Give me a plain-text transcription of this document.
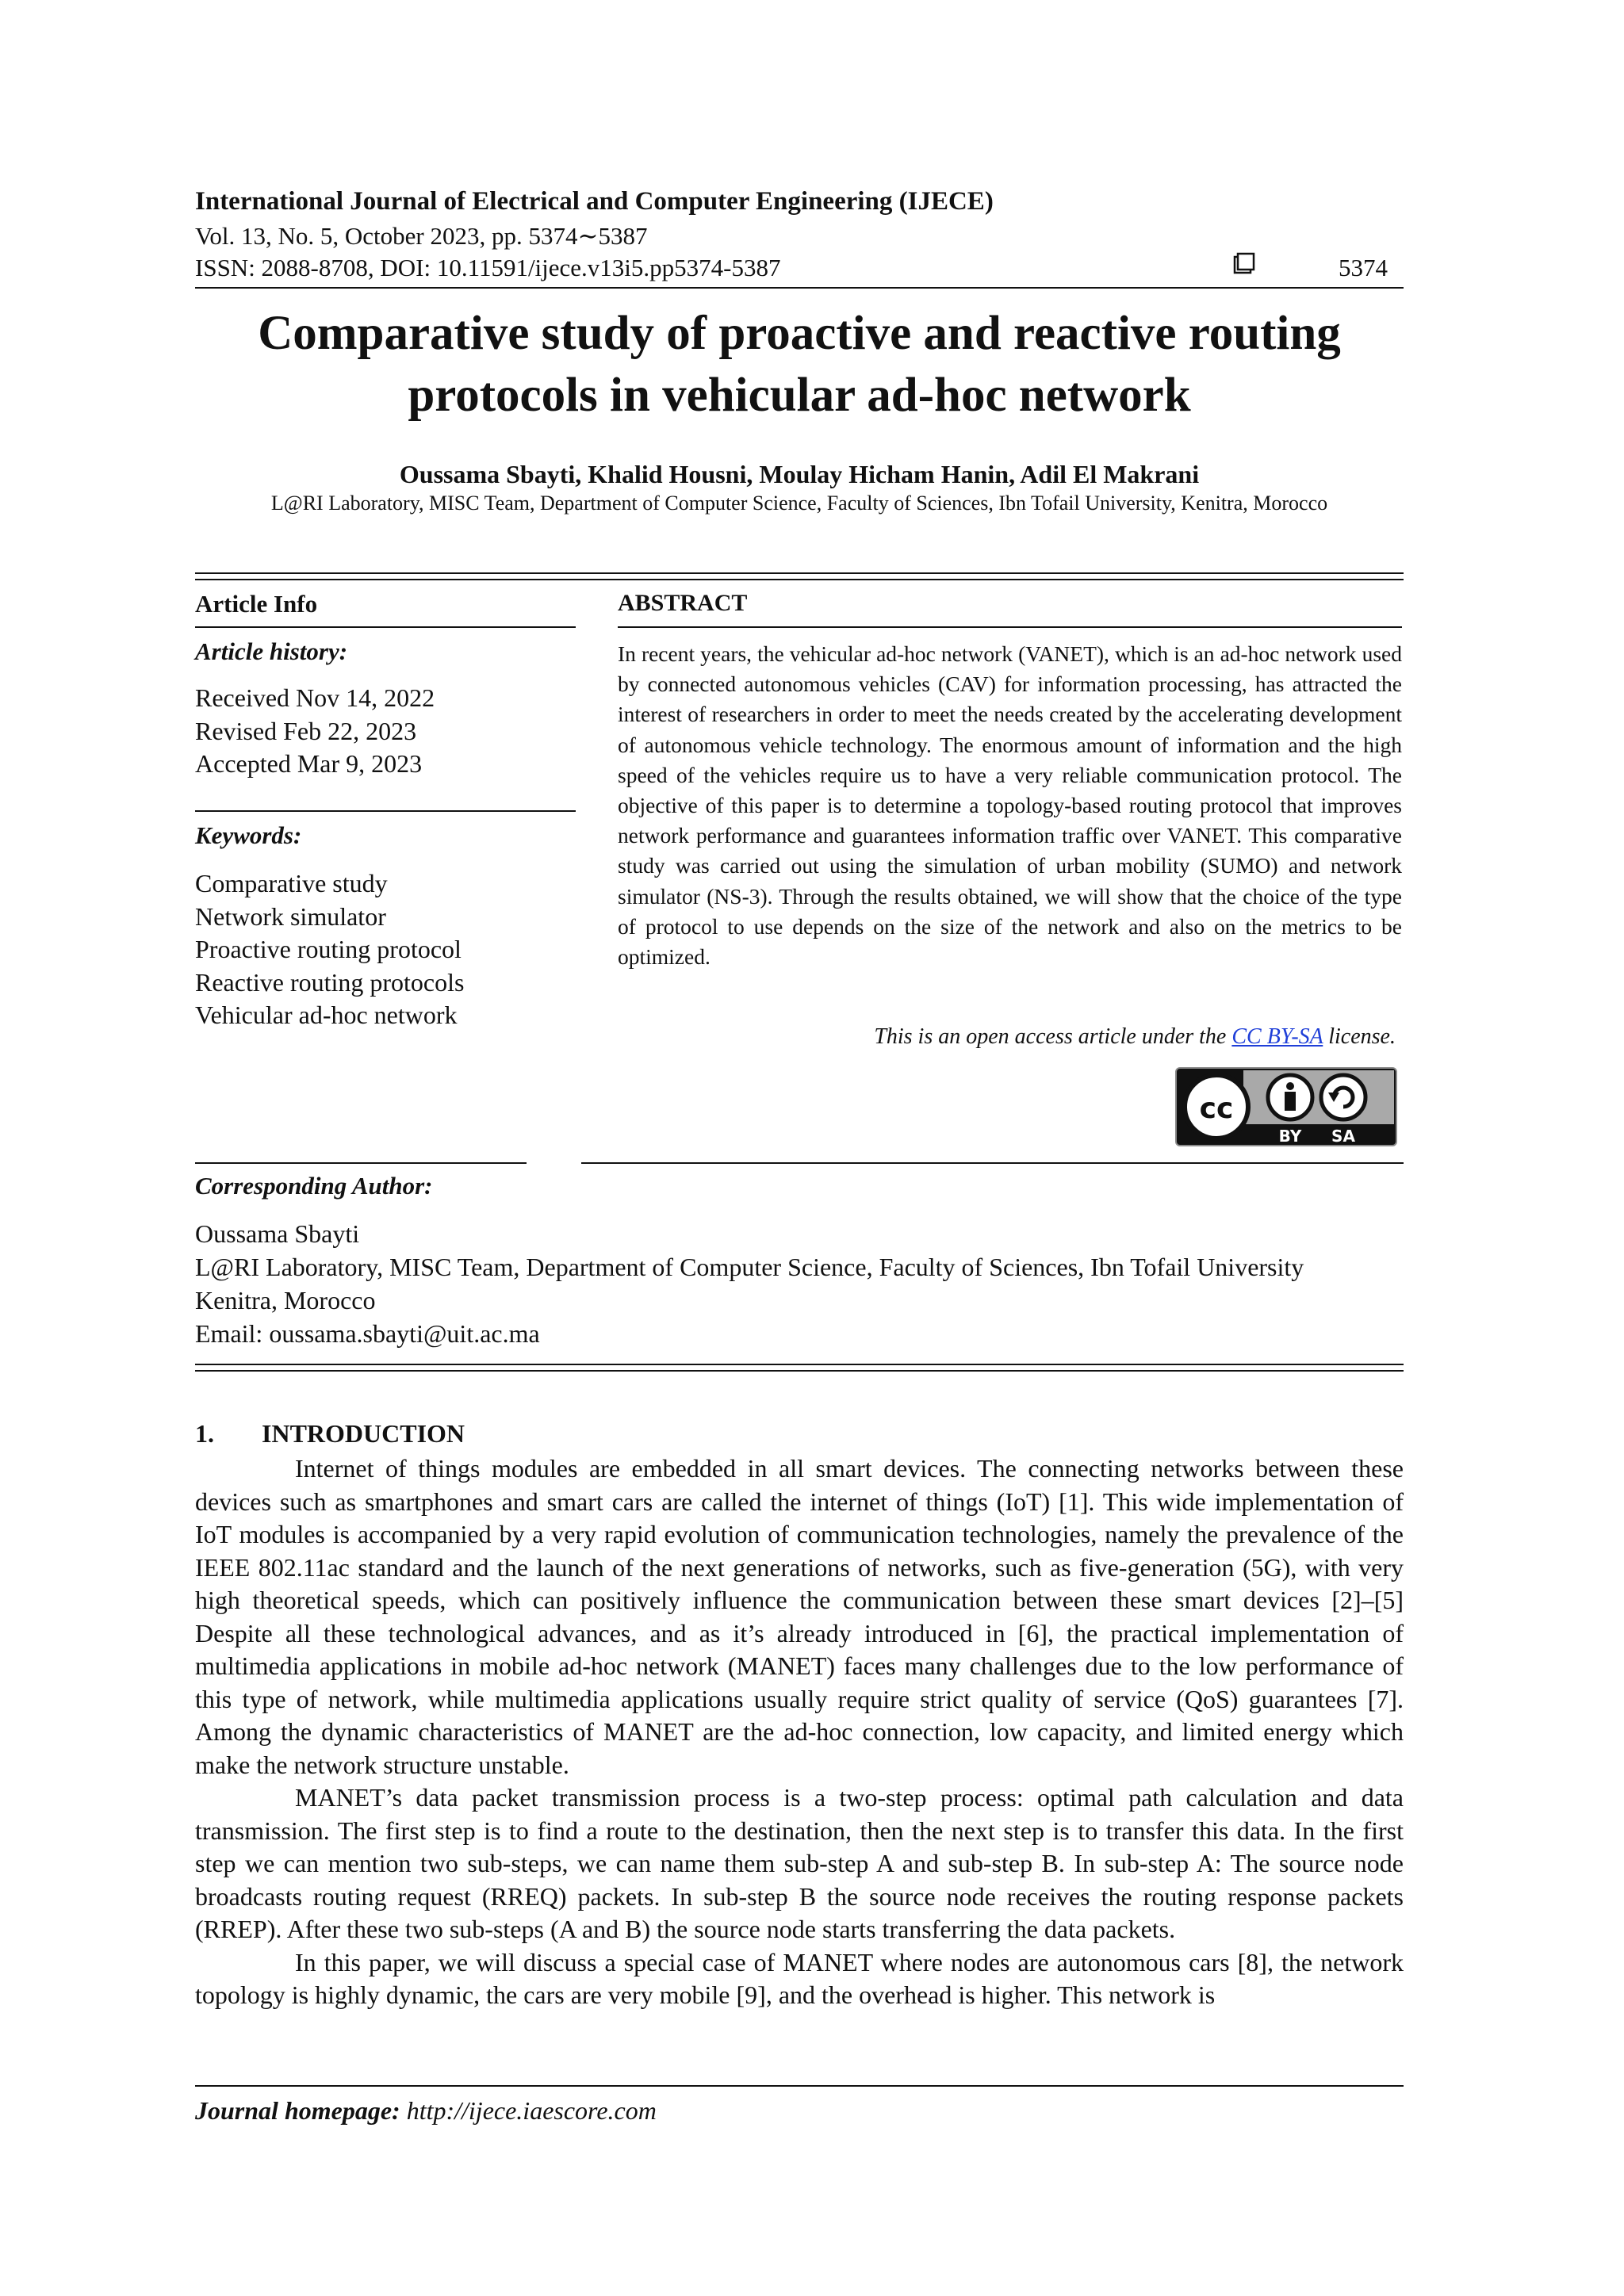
International Journal of Electrical and Computer Engineering (IJECE)
Vol. 13, No. 5, October 2023, pp. 5374∼5387
ISSN: 2088-8708, DOI: 10.11591/ijece.v13i5.pp5374-5387	5374
Comparative study of proactive and reactive routing
protocols in vehicular ad-hoc network
Oussama Sbayti, Khalid Housni, Moulay Hicham Hanin, Adil El Makrani
L@RI Laboratory, MISC Team, Department of Computer Science, Faculty of Sciences, Ibn Tofail University, Kenitra, Morocco
Article Info
Article history:
Received Nov 14, 2022
Revised Feb 22, 2023
Accepted Mar 9, 2023
Keywords:
Comparative study
Network simulator
Proactive routing protocol
Reactive routing protocols
Vehicular ad-hoc network
ABSTRACT
In recent years, the vehicular ad-hoc network (VANET), which is an ad-hoc network used by connected autonomous vehicles (CAV) for information processing, has attracted the interest of researchers in order to meet the needs created by the accelerating development of autonomous vehicle technology. The enormous amount of information and the high speed of the vehicles require us to have a very reliable communication protocol. The objective of this paper is to determine a topology-based routing protocol that improves network performance and guarantees information traffic over VANET. This comparative study was carried out using the simulation of urban mobility (SUMO) and network simulator (NS-3). Through the results obtained, we will show that the choice of the type of protocol to use depends on the size of the network and also on the metrics to be optimized.
This is an open access article under the CC BY-SA license.
cc
BY SA
Corresponding Author:
Oussama Sbayti
L@RI Laboratory, MISC Team, Department of Computer Science, Faculty of Sciences, Ibn Tofail University
Kenitra, Morocco
Email: oussama.sbayti@uit.ac.ma
1. INTRODUCTION

Internet of things modules are embedded in all smart devices. The connecting networks between these devices such as smartphones and smart cars are called the internet of things (IoT) [1]. This wide implementation of IoT modules is accompanied by a very rapid evolution of communication technologies, namely the prevalence of the IEEE 802.11ac standard and the launch of the next generations of networks, such as five-generation (5G), with very high theoretical speeds, which can positively influence the communication between these smart devices [2]–[5] Despite all these technological advances, and as it’s already introduced in [6], the practical implementation of multimedia applications in mobile ad-hoc network (MANET) faces many challenges due to the low performance of this type of network, while multimedia applications usually require strict quality of service (QoS) guarantees [7]. Among the dynamic characteristics of MANET are the ad-hoc connection, low capacity, and limited energy which make the network structure unstable.

MANET’s data packet transmission process is a two-step process: optimal path calculation and data transmission. The first step is to find a route to the destination, then the next step is to transfer this data. In the first step we can mention two sub-steps, we can name them sub-step A and sub-step B. In sub-step A: The source node broadcasts routing request (RREQ) packets. In sub-step B the source node receives the routing response packets (RREP). After these two sub-steps (A and B) the source node starts transferring the data packets.

In this paper, we will discuss a special case of MANET where nodes are autonomous cars [8], the network topology is highly dynamic, the cars are very mobile [9], and the overhead is higher. This network is

Journal homepage: http://ijece.iaescore.com
